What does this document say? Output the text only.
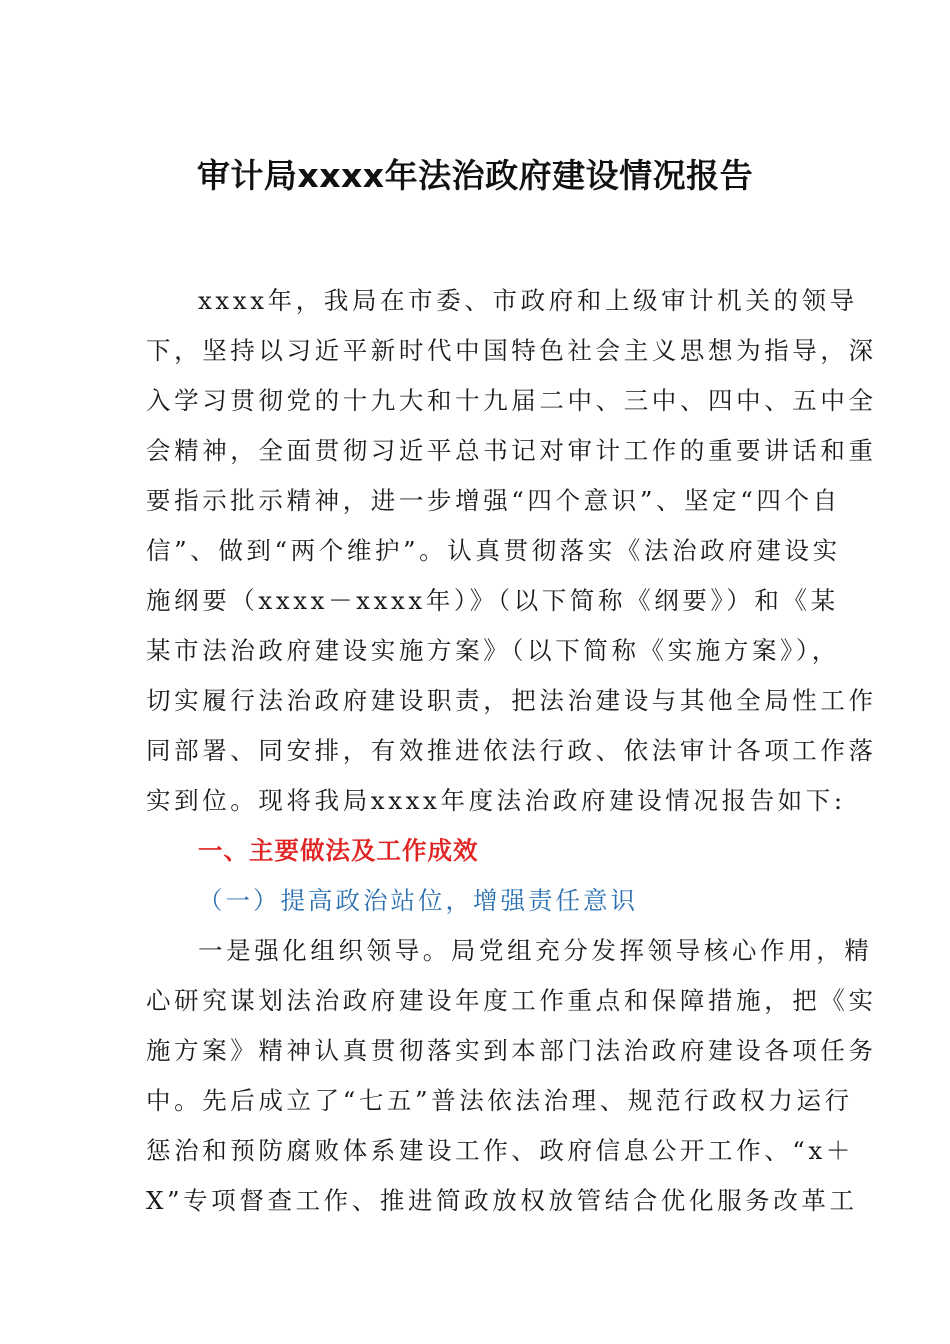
审计局xxxx年法治政府建设情况报告
xxxx年，我局在市委、市政府和上级审计机关的领导
下，坚持以习近平新时代中国特色社会主义思想为指导，深
入学习贯彻党的十九大和十九届二中、三中、四中、五中全
会精神，全面贯彻习近平总书记对审计工作的重要讲话和重
要指示批示精神，进一步增强“四个意识”、坚定“四个自
信”、做到“两个维护”。认真贯彻落实《法治政府建设实
施纲要（xxxx－xxxx年）》（以下简称《纲要》）和《某
某市法治政府建设实施方案》（以下简称《实施方案》），
切实履行法治政府建设职责，把法治建设与其他全局性工作
同部署、同安排，有效推进依法行政、依法审计各项工作落
实到位。现将我局xxxx年度法治政府建设情况报告如下:
一、主要做法及工作成效
（一）提高政治站位，增强责任意识
一是强化组织领导。局党组充分发挥领导核心作用，精
心研究谋划法治政府建设年度工作重点和保障措施，把《实
施方案》精神认真贯彻落实到本部门法治政府建设各项任务
中。先后成立了“七五”普法依法治理、规范行政权力运行
惩治和预防腐败体系建设工作、政府信息公开工作、“x＋
X”专项督查工作、推进简政放权放管结合优化服务改革工
